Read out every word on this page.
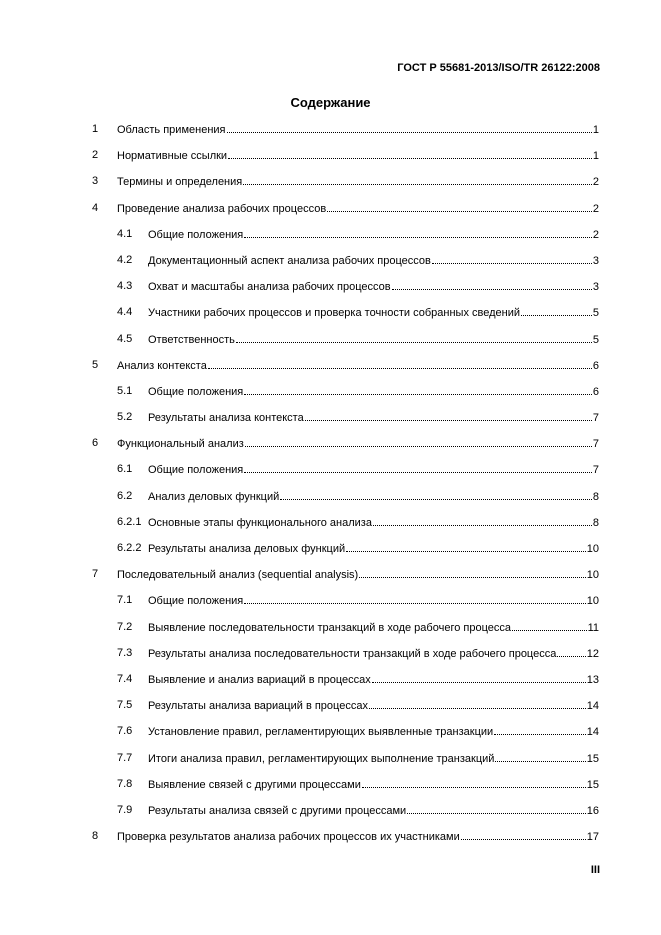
ГОСТ Р 55681-2013/ISO/TR 26122:2008
Содержание
1 Область применения	1
2 Нормативные ссылки	1
3 Термины и определения	2
4 Проведение анализа рабочих процессов	2
4.1 Общие положения	2
4.2 Документационный аспект анализа рабочих процессов	3
4.3 Охват и масштабы анализа рабочих процессов	3
4.4 Участники рабочих процессов и проверка точности собранных сведений	5
4.5 Ответственность	5
5 Анализ контекста	6
5.1 Общие положения	6
5.2 Результаты анализа контекста	7
6 Функциональный анализ	7
6.1 Общие положения	7
6.2 Анализ деловых функций	8
6.2.1 Основные этапы функционального анализа	8
6.2.2 Результаты анализа деловых функций	10
7 Последовательный анализ (sequential analysis)	10
7.1 Общие положения	10
7.2 Выявление последовательности транзакций в ходе рабочего процесса	11
7.3 Результаты анализа последовательности транзакций в ходе рабочего процесса	12
7.4 Выявление и анализ вариаций в процессах	13
7.5 Результаты анализа вариаций в процессах	14
7.6 Установление правил, регламентирующих выявленные транзакции	14
7.7 Итоги анализа правил, регламентирующих выполнение транзакций	15
7.8 Выявление связей с другими процессами	15
7.9 Результаты анализа связей с другими процессами	16
8 Проверка результатов анализа рабочих процессов их участниками	17
III
